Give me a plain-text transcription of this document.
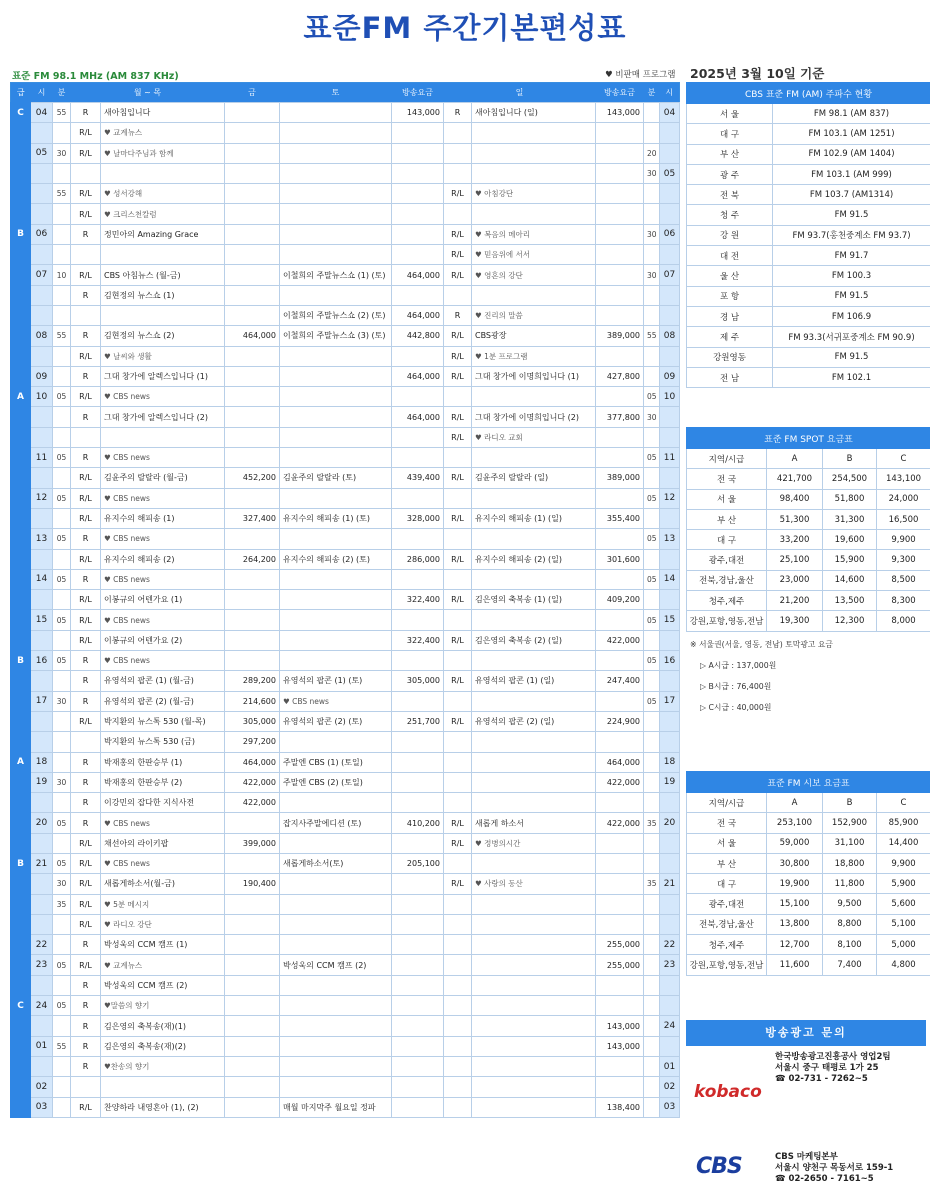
표준FM 주간기본편성표
표준 FM 98.1 MHz (AM 837 KHz)	♥ 비판매 프로그램 2025년 3월 10일 기준
급	시	분	월 ~ 목		금	토	방송요금	일		방송요금	분	시
C	04	55	R	새아침입니다			143,000	R	새아침입니다 (일)	143,000		04
			R/L	♥ 교계뉴스								
	05	30	R/L	♥ 날마다주님과 함께							20	
											30	05
		55	R/L	♥ 성서강해				R/L	♥ 아침강단			
			R/L	♥ 크리스천칼럼								
B	06		R	정민아의 Amazing Grace				R/L	♥ 복음의 메아리		30	06
								R/L	♥ 믿음위에 서서			
	07	10	R/L	CBS 아침뉴스 (월-금)		이철희의 주말뉴스쇼 (1) (토)	464,000	R/L	♥ 영혼의 강단		30	07
			R	김현정의 뉴스쇼 (1)								
						이철희의 주말뉴스쇼 (2) (토)	464,000	R	♥ 진리의 말씀			
	08	55	R	김현정의 뉴스쇼 (2)	464,000	이철희의 주말뉴스쇼 (3) (토)	442,800	R/L	CBS광장	389,000	55	08
			R/L	♥ 날씨와 생활				R/L	♥ 1분 프로그램			
	09		R	그대 창가에 알렉스입니다 (1)			464,000	R/L	그대 창가에 이명희입니다 (1)	427,800		09
A	10	05	R/L	♥ CBS news							05	10
			R	그대 창가에 알렉스입니다 (2)			464,000	R/L	그대 창가에 이명희입니다 (2)	377,800	30	
								R/L	♥ 라디오 교회			
	11	05	R	♥ CBS news							05	11
			R/L	김윤주의 랄랄라 (월-금)	452,200	김윤주의 랄랄라 (토)	439,400	R/L	김윤주의 랄랄라 (일)	389,000		
	12	05	R/L	♥ CBS news							05	12
			R/L	유지수의 해피송 (1)	327,400	유지수의 해피송 (1) (토)	328,000	R/L	유지수의 해피송 (1) (일)	355,400		
	13	05	R	♥ CBS news							05	13
			R/L	유지수의 해피송 (2)	264,200	유지수의 해피송 (2) (토)	286,000	R/L	유지수의 해피송 (2) (일)	301,600		
	14	05	R	♥ CBS news							05	14
			R/L	이봉규의 어텐가요 (1)			322,400	R/L	김은영의 축복송 (1) (일)	409,200		
	15	05	R/L	♥ CBS news							05	15
			R/L	이봉규의 어텐가요 (2)			322,400	R/L	김은영의 축복송 (2) (일)	422,000		
B	16	05	R	♥ CBS news							05	16
			R	유영석의 팝콘 (1) (월-금)	289,200	유영석의 팝콘 (1) (토)	305,000	R/L	유영석의 팝콘 (1) (일)	247,400		
	17	30	R	유영석의 팝콘 (2) (월-금)	214,600	♥ CBS news					05	17
			R/L	박지환의 뉴스톡 530 (월-목)	305,000	유영석의 팝콘 (2) (토)	251,700	R/L	유영석의 팝콘 (2) (일)	224,900		
				박지환의 뉴스톡 530 (금)	297,200							
A	18		R	박재홍의 한판승부 (1)	464,000	주말엔 CBS (1) (토일)				464,000		18
	19	30	R	박재홍의 한판승부 (2)	422,000	주말엔 CBS (2) (토일)				422,000		19
			R	이강민의 잡다한 지식사전	422,000							
	20	05	R	♥ CBS news		잡지사주말에디션 (토)	410,200	R/L	새롭게 하소서	422,000	35	20
			R/L	채선아의 라이키팝	399,000			R/L	♥ 정병의시간			
B	21	05	R/L	♥ CBS news		새롭게하소서(토)	205,100					
		30	R/L	새롭게하소서(월-금)	190,400			R/L	♥ 사랑의 동산		35	21
		35	R/L	♥ 5분 메시지								
			R/L	♥ 라디오 강단								
	22		R	박성욱의 CCM 캠프 (1)						255,000		22
	23	05	R/L	♥ 교계뉴스		박성욱의 CCM 캠프 (2)				255,000		23
			R	박성욱의 CCM 캠프 (2)								
C	24	05	R	♥말씀의 향기								
			R	김은영의 축복송(재)(1)						143,000		24
	01	55	R	김은영의 축복송(재)(2)						143,000		
			R	♥찬송의 향기								01
	02											02
	03		R/L	찬양하라 내영혼아 (1), (2)		매월 마지막주 월요일 정파				138,400		03
CBS 표준 FM (AM) 주파수 현황	
서 울	FM 98.1 (AM 837)
대 구	FM 103.1 (AM 1251)
부 산	FM 102.9 (AM 1404)
광 주	FM 103.1 (AM 999)
전 북	FM 103.7 (AM1314)
청 주	FM 91.5
강 원	FM 93.7(홍천중계소 FM 93.7)
대 전	FM 91.7
울 산	FM 100.3
포 항	FM 91.5
경 남	FM 106.9
제 주	FM 93.3(서귀포중계소 FM 90.9)
강원영동	FM 91.5
전 남	FM 102.1
표준 FM SPOT 요금표			
지역/시급	A	B	C
전 국	421,700	254,500	143,100
서 울	98,400	51,800	24,000
부 산	51,300	31,300	16,500
대 구	33,200	19,600	9,900
광주,대전	25,100	15,900	9,300
전북,경남,울산	23,000	14,600	8,500
청주,제주	21,200	13,500	8,300
강원,포항,영동,전남	19,300	12,300	8,000
※ 서울권(서울, 영동, 전남) 토막광고 요금
▷ A시급 : 137,000원
▷ B시급 : 76,400원
▷ C시급 : 40,000원
표준 FM 시보 요금표			
지역/시급	A	B	C
전 국	253,100	152,900	85,900
서 울	59,000	31,100	14,400
부 산	30,800	18,800	9,900
대 구	19,900	11,800	5,900
광주,대전	15,100	9,500	5,600
전북,경남,울산	13,800	8,800	5,100
청주,제주	12,700	8,100	5,000
강원,포항,영동,전남	11,600	7,400	4,800
방송광고 문의
kobaco
한국방송광고진흥공사 영업2팀
서울시 중구 태평로 1가 25
☎ 02-731 - 7262~5
CBS	CBS 마케팅본부
서울시 양천구 목동서로 159-1
☎ 02-2650 - 7161~5
